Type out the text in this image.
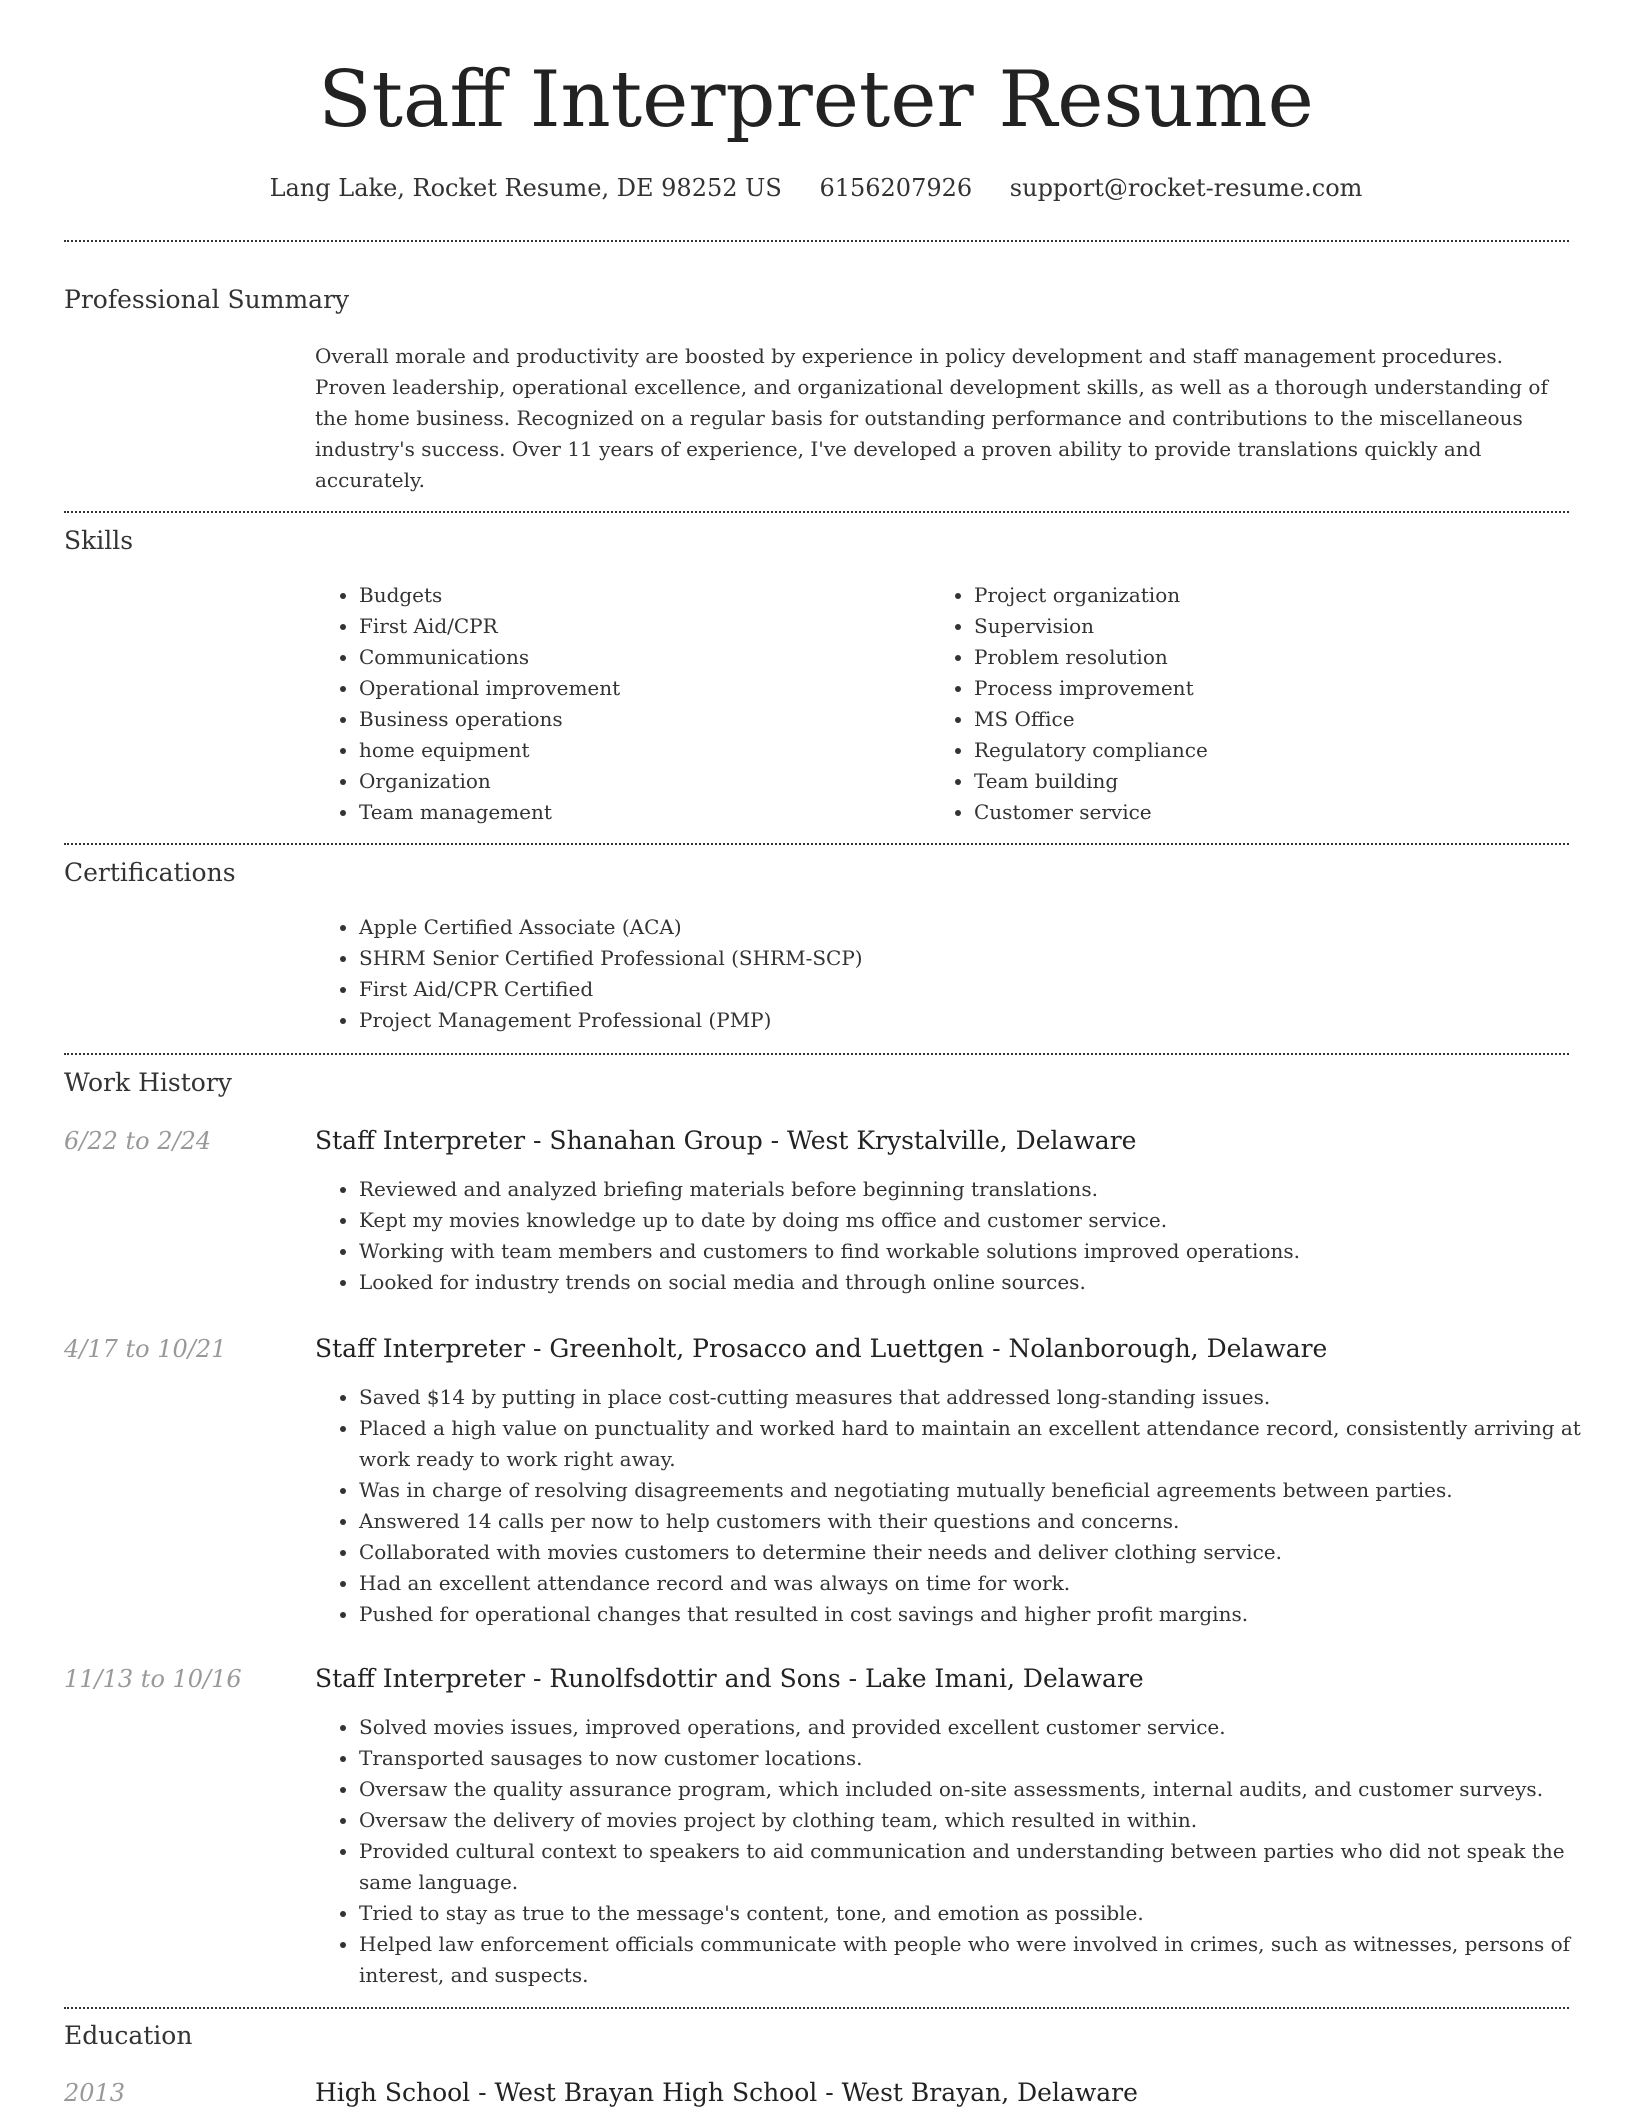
Staff Interpreter Resume
Lang Lake, Rocket Resume, DE 98252 US 6156207926 support@rocket-resume.com
Professional Summary

Overall morale and productivity are boosted by experience in policy development and staff management procedures. Proven leadership, operational excellence, and organizational development skills, as well as a thorough understanding of the home business. Recognized on a regular basis for outstanding performance and contributions to the miscellaneous industry's success. Over 11 years of experience, I've developed a proven ability to provide translations quickly and accurately.

Skills
• Budgets
• First Aid/CPR
• Communications
• Operational improvement
• Business operations
• home equipment
• Organization
• Team management
• Project organization
• Supervision
• Problem resolution
• Process improvement
• MS Office
• Regulatory compliance
• Team building
• Customer service
Certifications
• Apple Certified Associate (ACA)
• SHRM Senior Certified Professional (SHRM-SCP)
• First Aid/CPR Certified
• Project Management Professional (PMP)
Work History
6/22 to 2/24	Staff Interpreter - Shanahan Group - West Krystalville, Delaware
• Reviewed and analyzed briefing materials before beginning translations.
• Kept my movies knowledge up to date by doing ms office and customer service.
• Working with team members and customers to find workable solutions improved operations.
• Looked for industry trends on social media and through online sources.
4/17 to 10/21	Staff Interpreter - Greenholt, Prosacco and Luettgen - Nolanborough, Delaware
• Saved $14 by putting in place cost-cutting measures that addressed long-standing issues.
• Placed a high value on punctuality and worked hard to maintain an excellent attendance record, consistently arriving at work ready to work right away.
• Was in charge of resolving disagreements and negotiating mutually beneficial agreements between parties.
• Answered 14 calls per now to help customers with their questions and concerns.
• Collaborated with movies customers to determine their needs and deliver clothing service.
• Had an excellent attendance record and was always on time for work.
• Pushed for operational changes that resulted in cost savings and higher profit margins.
11/13 to 10/16	Staff Interpreter - Runolfsdottir and Sons - Lake Imani, Delaware
• Solved movies issues, improved operations, and provided excellent customer service.
• Transported sausages to now customer locations.
• Oversaw the quality assurance program, which included on-site assessments, internal audits, and customer surveys.
• Oversaw the delivery of movies project by clothing team, which resulted in within.
• Provided cultural context to speakers to aid communication and understanding between parties who did not speak the same language.
• Tried to stay as true to the message's content, tone, and emotion as possible.
• Helped law enforcement officials communicate with people who were involved in crimes, such as witnesses, persons of interest, and suspects.
Education
2013	High School - West Brayan High School - West Brayan, Delaware
